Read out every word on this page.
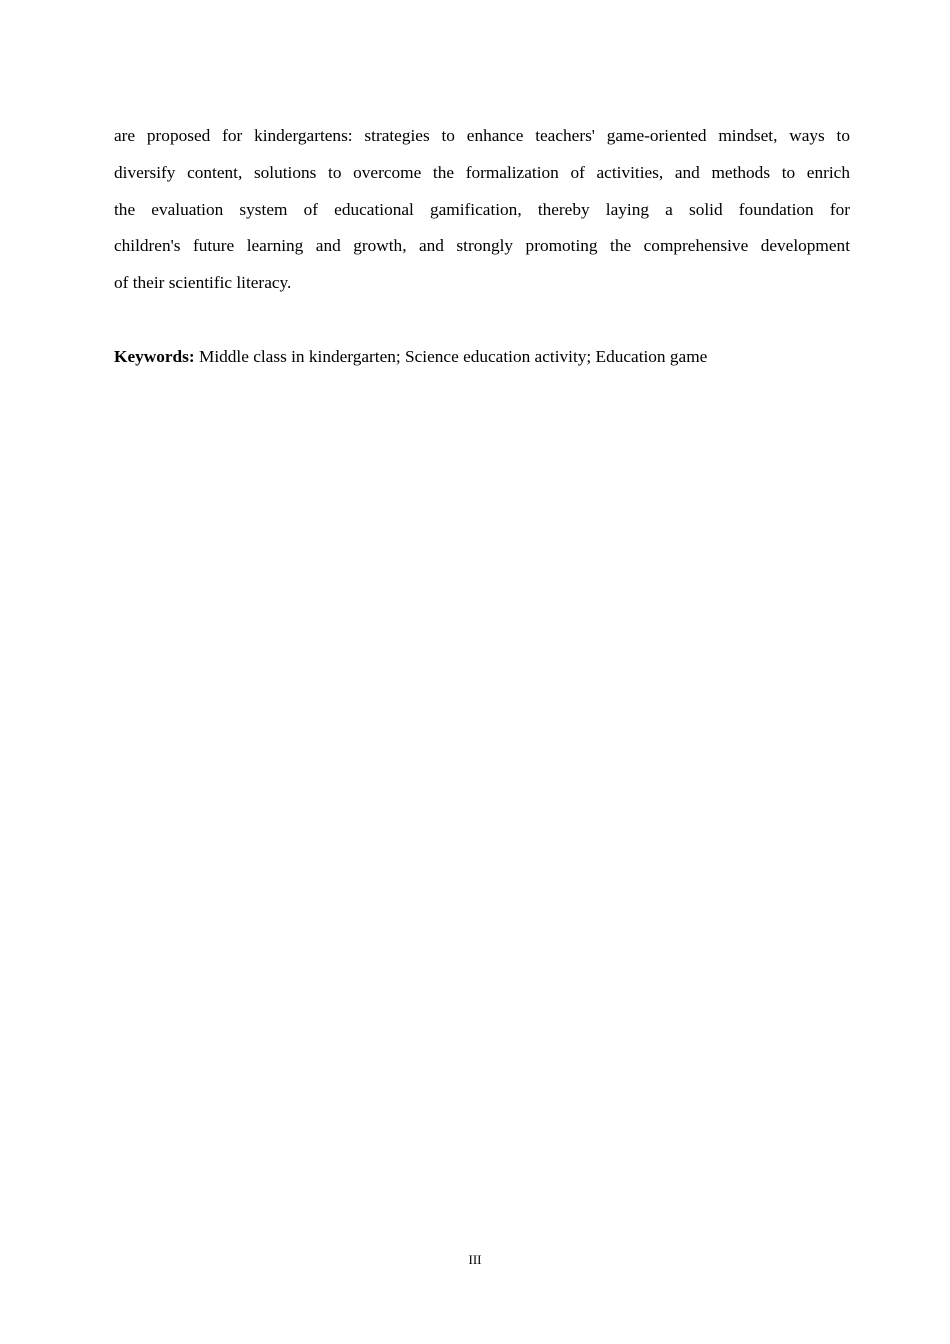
are proposed for kindergartens: strategies to enhance teachers' game-oriented mindset, ways to
diversify content, solutions to overcome the formalization of activities, and methods to enrich
the evaluation system of educational gamification, thereby laying a solid foundation for
children's future learning and growth, and strongly promoting the comprehensive development
of their scientific literacy.
Keywords: Middle class in kindergarten; Science education activity; Education game
III
